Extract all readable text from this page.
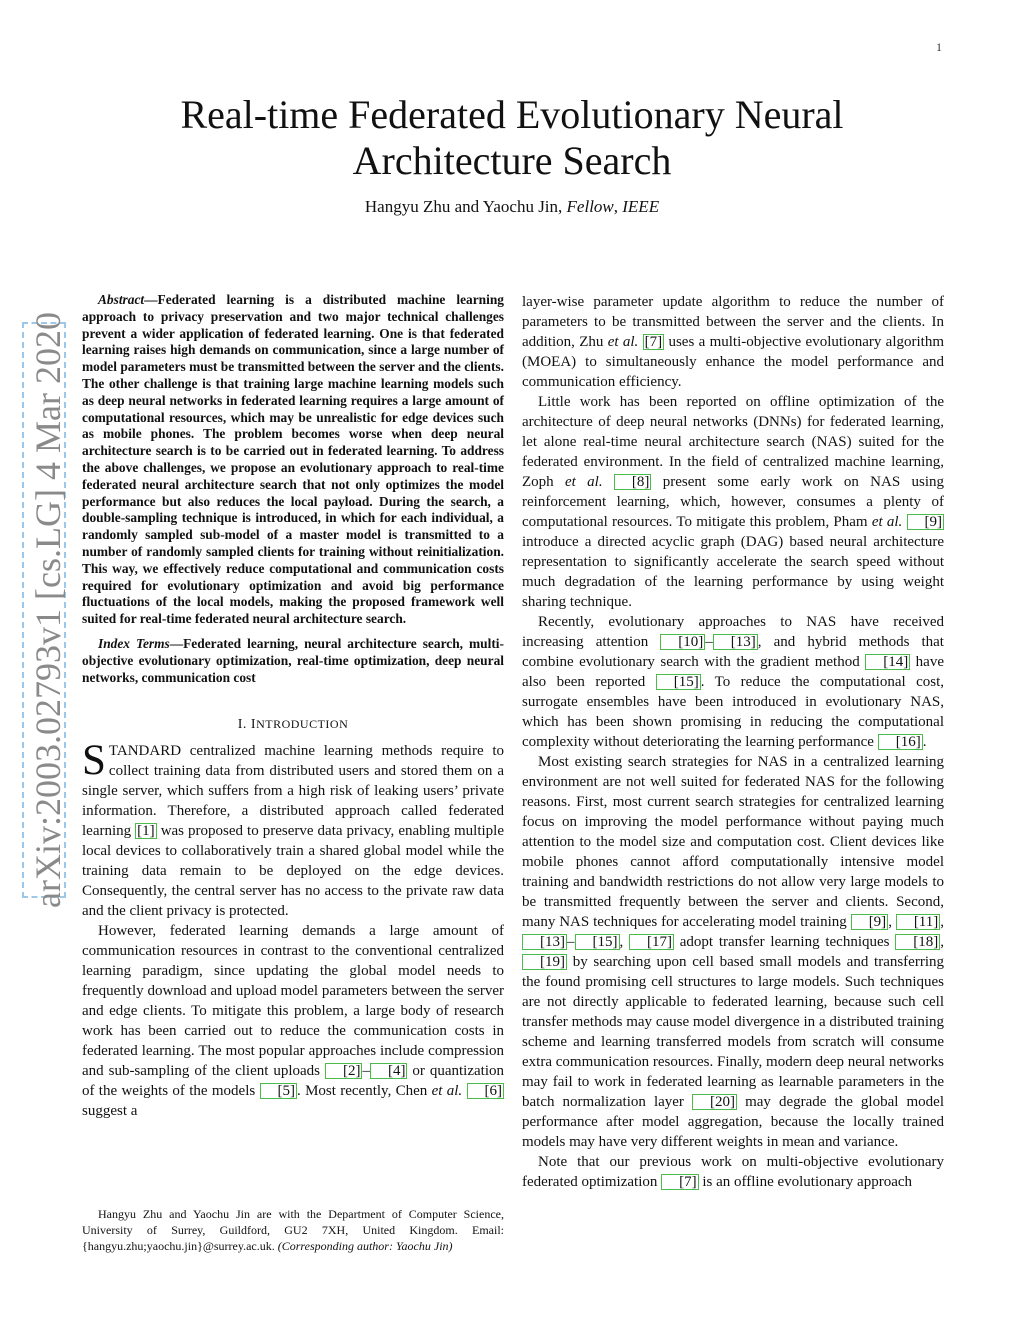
1
arXiv:2003.02793v1 [cs.LG] 4 Mar 2020
Real-time Federated Evolutionary Neural
Architecture Search
Hangyu Zhu and Yaochu Jin, Fellow, IEEE

Abstract—Federated learning is a distributed machine learning approach to privacy preservation and two major technical challenges prevent a wider application of federated learning. One is that federated learning raises high demands on communication, since a large number of model parameters must be transmitted between the server and the clients. The other challenge is that training large machine learning models such as deep neural networks in federated learning requires a large amount of computational resources, which may be unrealistic for edge devices such as mobile phones. The problem becomes worse when deep neural architecture search is to be carried out in federated learning. To address the above challenges, we propose an evolutionary approach to real-time federated neural architecture search that not only optimizes the model performance but also reduces the local payload. During the search, a double-sampling technique is introduced, in which for each individual, a randomly sampled sub-model of a master model is transmitted to a number of randomly sampled clients for training without reinitialization. This way, we effectively reduce computational and communication costs required for evolutionary optimization and avoid big performance fluctuations of the local models, making the proposed framework well suited for real-time federated neural architecture search.

Index Terms—Federated learning, neural architecture search, multi-objective evolutionary optimization, real-time optimization, deep neural networks, communication cost

I. INTRODUCTION

STANDARD centralized machine learning methods require to collect training data from distributed users and stored them on a single server, which suffers from a high risk of leaking users’ private information. Therefore, a distributed approach called federated learning [1] was proposed to preserve data privacy, enabling multiple local devices to collaboratively train a shared global model while the training data remain to be deployed on the edge devices. Consequently, the central server has no access to the private raw data and the client privacy is protected.

However, federated learning demands a large amount of communication resources in contrast to the conventional centralized learning paradigm, since updating the global model needs to frequently download and upload model parameters between the server and edge clients. To mitigate this problem, a large body of research work has been carried out to reduce the communication costs in federated learning. The most popular approaches include compression and sub-sampling of the client uploads [2] – [4] or quantization of the weights of the models [5] . Most recently, Chen et al. [6] suggest a

Hangyu Zhu and Yaochu Jin are with the Department of Computer Science, University of Surrey, Guildford, GU2 7XH, United Kingdom. Email: {hangyu.zhu;yaochu.jin}@surrey.ac.uk. (Corresponding author: Yaochu Jin)

layer-wise parameter update algorithm to reduce the number of parameters to be transmitted between the server and the clients. In addition, Zhu et al. [7] uses a multi-objective evolutionary algorithm (MOEA) to simultaneously enhance the model performance and communication efficiency.

Little work has been reported on offline optimization of the architecture of deep neural networks (DNNs) for federated learning, let alone real-time neural architecture search (NAS) suited for the federated environment. In the field of centralized machine learning, Zoph et al. [8] present some early work on NAS using reinforcement learning, which, however, consumes a plenty of computational resources. To mitigate this problem, Pham et al. [9] introduce a directed acyclic graph (DAG) based neural architecture representation to significantly accelerate the search speed without much degradation of the learning performance by using weight sharing technique.

Recently, evolutionary approaches to NAS have received increasing attention [10] – [13] , and hybrid methods that combine evolutionary search with the gradient method [14] have also been reported [15] . To reduce the computational cost, surrogate ensembles have been introduced in evolutionary NAS, which has been shown promising in reducing the computational complexity without deteriorating the learning performance [16] .

Most existing search strategies for NAS in a centralized learning environment are not well suited for federated NAS for the following reasons. First, most current search strategies for centralized learning focus on improving the model performance without paying much attention to the model size and computation cost. Client devices like mobile phones cannot afford computationally intensive model training and bandwidth restrictions do not allow very large models to be transmitted frequently between the server and clients. Second, many NAS techniques for accelerating model training [9] , [11] , [13] – [15] , [17] adopt transfer learning techniques [18] , [19] by searching upon cell based small models and transferring the found promising cell structures to large models. Such techniques are not directly applicable to federated learning, because such cell transfer methods may cause model divergence in a distributed training scheme and learning transferred models from scratch will consume extra communication resources. Finally, modern deep neural networks may fail to work in federated learning as learnable parameters in the batch normalization layer [20] may degrade the global model performance after model aggregation, because the locally trained models may have very different weights in mean and variance.

Note that our previous work on multi-objective evolutionary federated optimization [7] is an offline evolutionary approach
